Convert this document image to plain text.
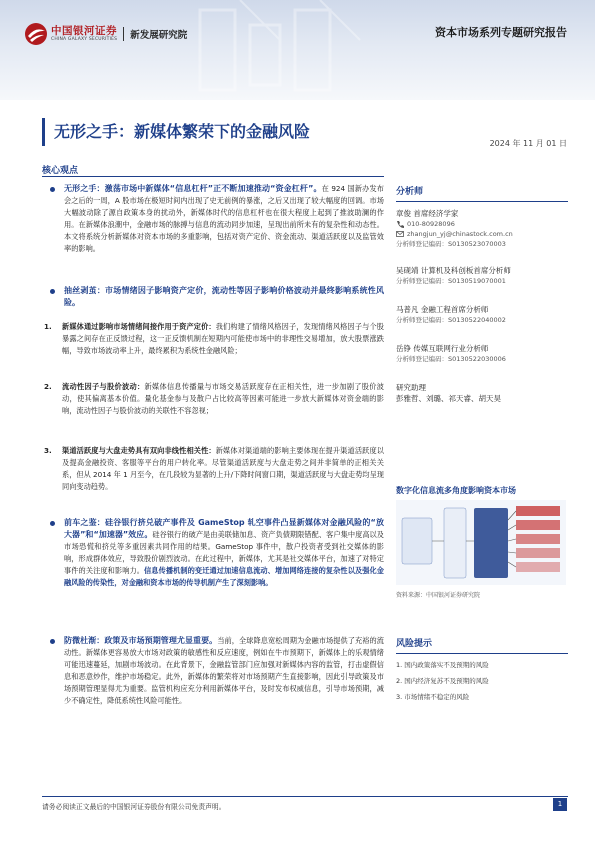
中国银河证券
CHINA GALAXY SECURITIES 新发展研究院	资本市场系列专题研究报告
无形之手：新媒体繁荣下的金融风险
2024 年 11 月 01 日
核心观点
无形之手：激荡市场中新媒体“信息杠杆”正不断加速推动“资金杠杆”。在 924 国新办发布会之后的一周，A 股市场在极短时间内出现了史无前例的暴涨，之后又出现了较大幅度的回调。市场大幅波动除了源自政策本身的扰动外，新媒体时代的信息杠杆也在很大程度上起到了推波助澜的作用。在新媒体浪潮中，金融市场的脉搏与信息的流动同步加速，呈现出前所未有的复杂性和动态性。本文将系统分析新媒体对资本市场的多重影响，包括对资产定价、资金流动、渠道活跃度以及监管效率的影响。
抽丝剥茧：市场情绪因子影响资产定价，流动性等因子影响价格波动并最终影响系统性风险。
1. 新媒体通过影响市场情绪间接作用于资产定价：我们构建了情绪风格因子，发现情绪风格因子与个股暴露之间存在正反馈过程，这一正反馈机制在短期内可能使市场中的非理性交易增加，放大股票涨跌幅，导致市场波动率上升，最终累积为系统性金融风险；
2. 流动性因子与股价波动：新媒体信息传播量与市场交易活跃度存在正相关性，进一步加剧了股价波动，使其偏离基本价值。量化基金参与及散户占比较高等因素可能进一步放大新媒体对资金端的影响，流动性因子与股价波动的关联性不容忽视；
3. 渠道活跃度与大盘走势具有双向非线性相关性：新媒体对渠道端的影响主要体现在提升渠道活跃度以及提高金融投资、客服等平台的用户转化率。尽管渠道活跃度与大盘走势之间并非简单的正相关关系，但从 2014 年 1 月至今，在几段较为显著的上升/下降时间窗口期，渠道活跃度与大盘走势均呈现同向变动趋势。
前车之鉴：硅谷银行挤兑破产事件及 GameStop 轧空事件凸显新媒体对金融风险的“放大器”和“加速器”效应。硅谷银行的破产是由美联储加息、资产负债期限错配、客户集中度高以及市场恐慌和挤兑等多重因素共同作用的结果。GameStop 事件中，散户投资者受到社交媒体的影响，形成群体效应，导致股价剧烈波动。在此过程中，新媒体，尤其是社交媒体平台，加速了对特定事件的关注度和影响力。信息传播机制的变迁通过加速信息流动、增加网络连接的复杂性以及强化金融风险的传染性，对金融和资本市场的传导机制产生了深刻影响。
防微杜渐：政策及市场预期管理尤显重要。当前，全球降息宽松周期为金融市场提供了充裕的流动性。新媒体更容易放大市场对政策的敏感性和反应速度，例如在牛市预期下，新媒体上的乐观情绪可能迅速蔓延，加剧市场波动。在此背景下，金融监管部门应加强对新媒体内容的监管，打击虚假信息和恶意炒作，维护市场稳定。此外，新媒体的繁荣将对市场预期产生直接影响，因此引导政策及市场预期管理显得尤为重要。监管机构应充分利用新媒体平台，及时发布权威信息，引导市场预期，减少不确定性，降低系统性风险可能性。
分析师
章俊 首席经济学家
010-80928096
zhangjun_yj@chinastock.com.cn
分析师登记编码：S0130523070003
吴砚靖 计算机及科创板首席分析师
分析师登记编码：S0130519070001
马普凡 金融工程首席分析师
分析师登记编码：S0130522040002
岳铮 传媒互联网行业分析师
分析师登记编码：S0130522030006
研究助理
彭雅哲、刘璐、祁天睿、胡天昊
数字化信息流多角度影响资本市场
资料来源：中国银河证券研究院
风险提示
1. 国内政策落实不及预期的风险
2. 国内经济复苏不及预期的风险
3. 市场情绪不稳定的风险
请务必阅读正文最后的中国银河证券股份有限公司免责声明。	1
